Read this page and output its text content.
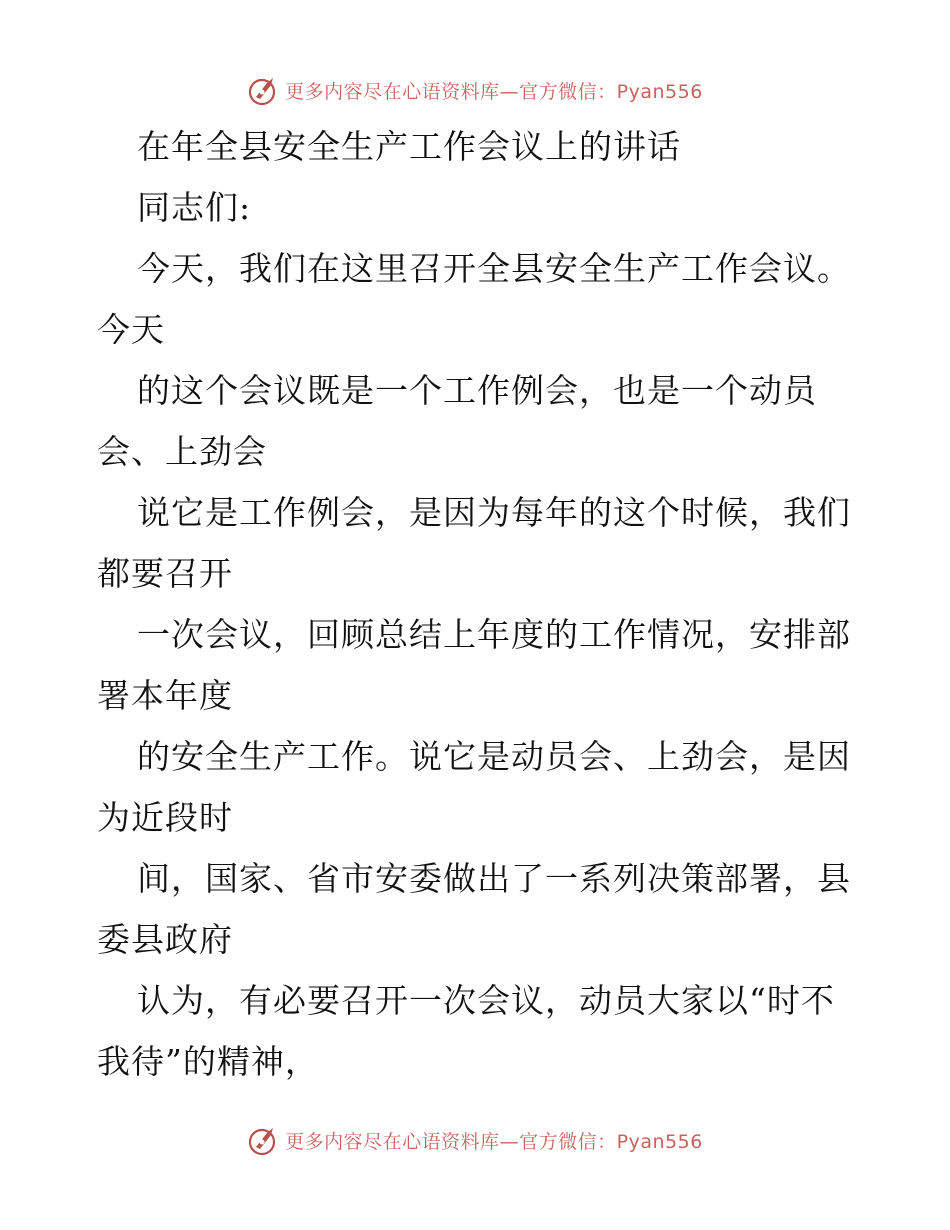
更多内容尽在心语资料库—官方微信：Pyan556
在年全县安全生产工作会议上的讲话
同志们:
今天，我们在这里召开全县安全生产工作会议。
今天
的这个会议既是一个工作例会，也是一个动员
会、上劲会
说它是工作例会，是因为每年的这个时候，我们
都要召开
一次会议，回顾总结上年度的工作情况，安排部
署本年度
的安全生产工作。说它是动员会、上劲会，是因
为近段时
间，国家、省市安委做出了一系列决策部署，县
委县政府
认为，有必要召开一次会议，动员大家以“时不
我待”的精神，
更多内容尽在心语资料库—官方微信：Pyan556
